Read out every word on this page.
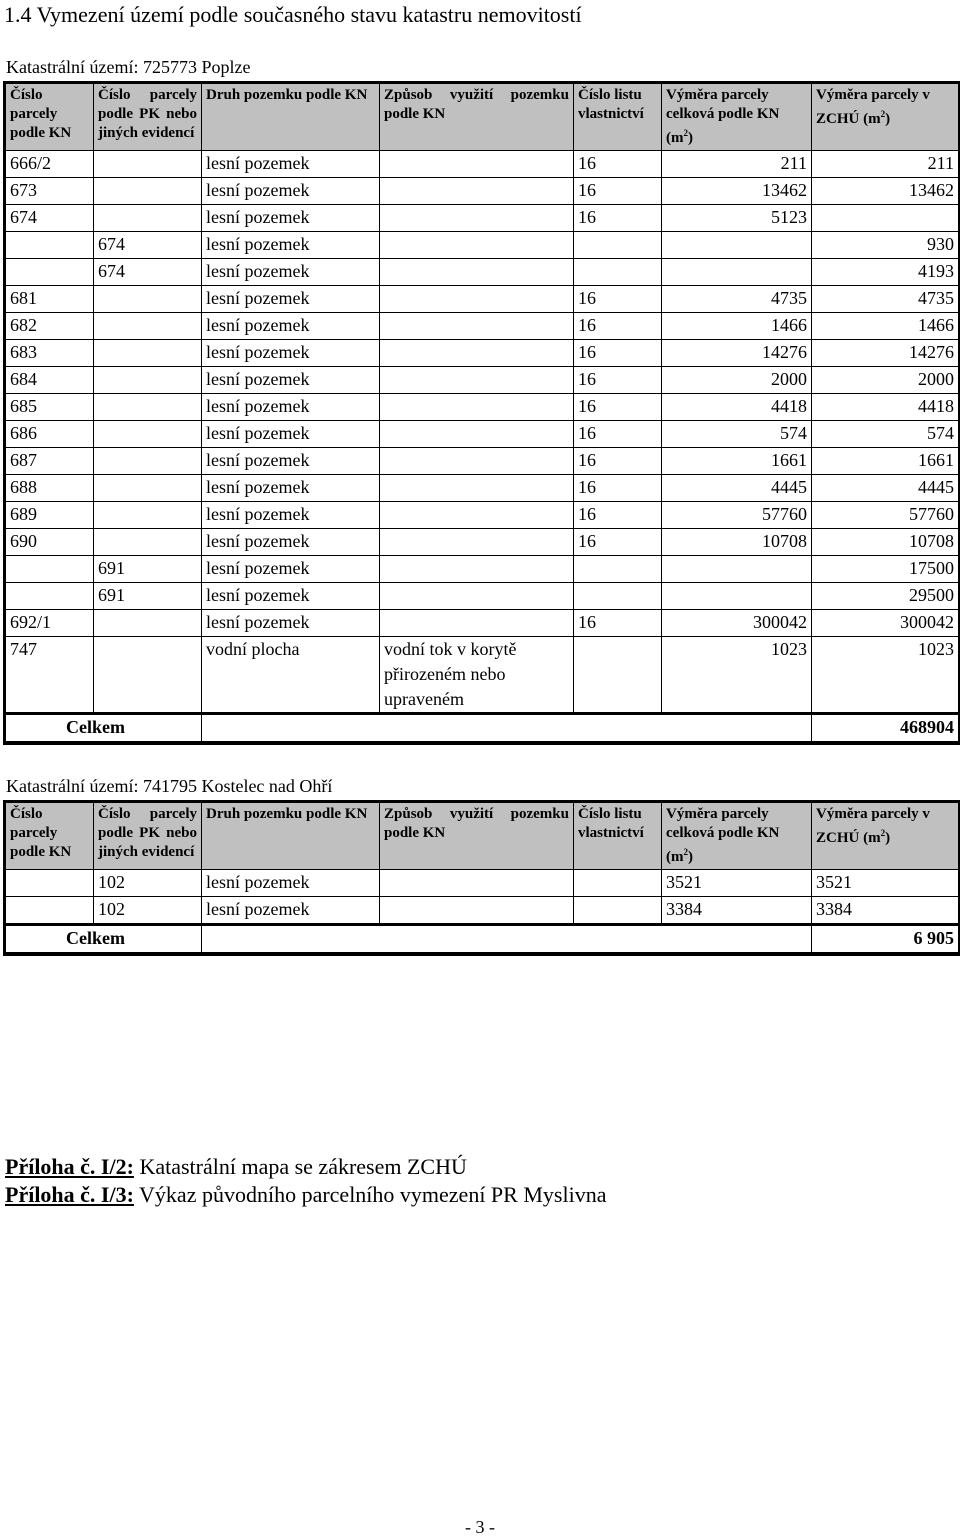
1.4 Vymezení území podle současného stavu katastru nemovitostí
Katastrální území: 725773 Poplze
Číslo parcely podle KN	Číslo parcely podle PK nebo jiných evidencí	Druh pozemku podle KN	Způsob využití pozemku podle KN	Číslo listu vlastnictví	Výměra parcely celková podle KN $(m^2)$	Výměra parcely v ZCHÚ $(m^2)$
666/2		lesní pozemek		16	211	211
673		lesní pozemek		16	13462	13462
674		lesní pozemek		16	5123	
	674	lesní pozemek				930
	674	lesní pozemek				4193
681		lesní pozemek		16	4735	4735
682		lesní pozemek		16	1466	1466
683		lesní pozemek		16	14276	14276
684		lesní pozemek		16	2000	2000
685		lesní pozemek		16	4418	4418
686		lesní pozemek		16	574	574
687		lesní pozemek		16	1661	1661
688		lesní pozemek		16	4445	4445
689		lesní pozemek		16	57760	57760
690		lesní pozemek		16	10708	10708
	691	lesní pozemek				17500
	691	lesní pozemek				29500
692/1		lesní pozemek		16	300042	300042
747		vodní plocha	vodní tok v korytě přirozeném nebo upraveném		1023	1023
Celkem						468904
Katastrální území: 741795 Kostelec nad Ohří
Číslo parcely podle KN	Číslo parcely podle PK nebo jiných evidencí	Druh pozemku podle KN	Způsob využití pozemku podle KN	Číslo listu vlastnictví	Výměra parcely celková podle KN $(m^2)$	Výměra parcely v ZCHÚ $(m^2)$
	102	lesní pozemek			3521	3521
	102	lesní pozemek			3384	3384
Celkem						6 905
Příloha č. I/2: Katastrální mapa se zákresem ZCHÚ
Příloha č. I/3: Výkaz původního parcelního vymezení PR Myslivna
- 3 -
